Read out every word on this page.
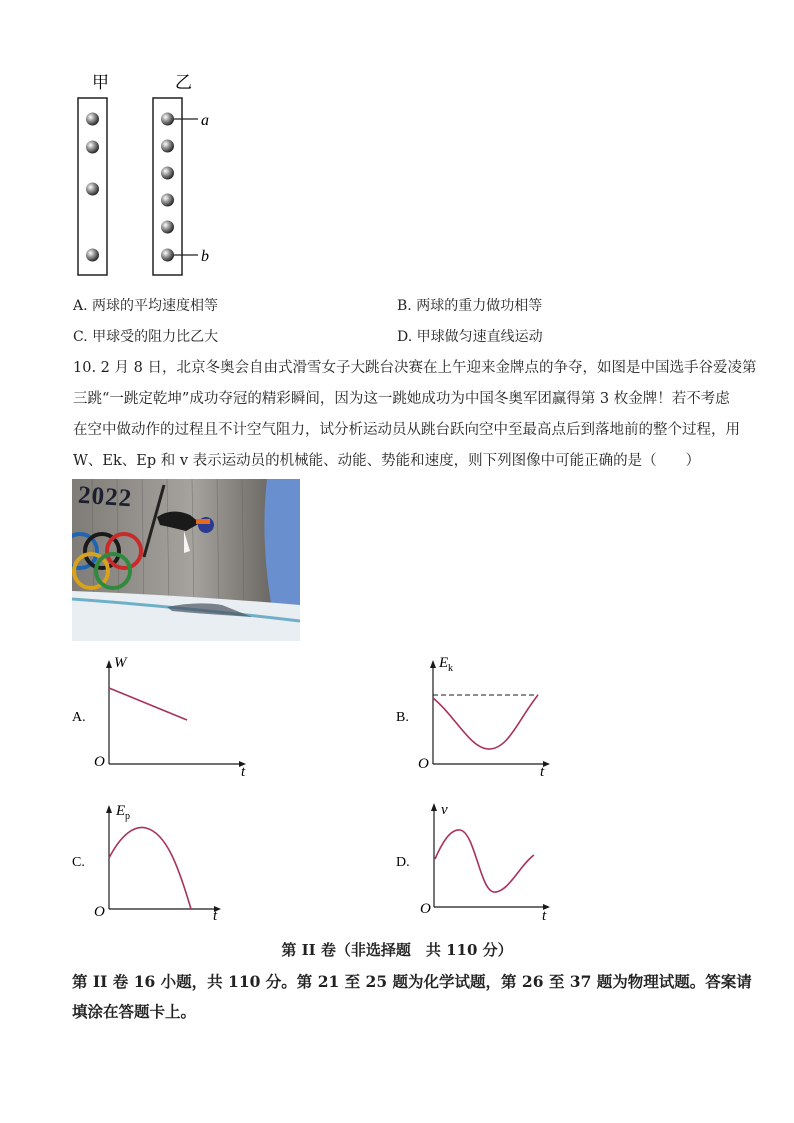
甲	乙
a
b
A. 两球的平均速度相等	B. 两球的重力做功相等
C. 甲球受的阻力比乙大	D. 甲球做匀速直线运动
10. 2 月 8 日，北京冬奥会自由式滑雪女子大跳台决赛在上午迎来金牌点的争夺，如图是中国选手谷爱凌第
三跳“一跳定乾坤”成功夺冠的精彩瞬间，因为这一跳她成功为中国冬奥军团赢得第 3 枚金牌！若不考虑
在空中做动作的过程且不计空气阻力，试分析运动员从跳台跃向空中至最高点后到落地前的整个过程，用
W、Ek、Ep 和 v 表示运动员的机械能、动能、势能和速度，则下列图像中可能正确的是（　　）
2022
A.
W
O
t
B.
E k
O	t
C.
E p
O	t
D.
v
O	t
第 II 卷（非选择题　共 110 分）
第 II 卷 16 小题，共 110 分。第 21 至 25 题为化学试题，第 26 至 37 题为物理试题。答案请
填涂在答题卡上。
